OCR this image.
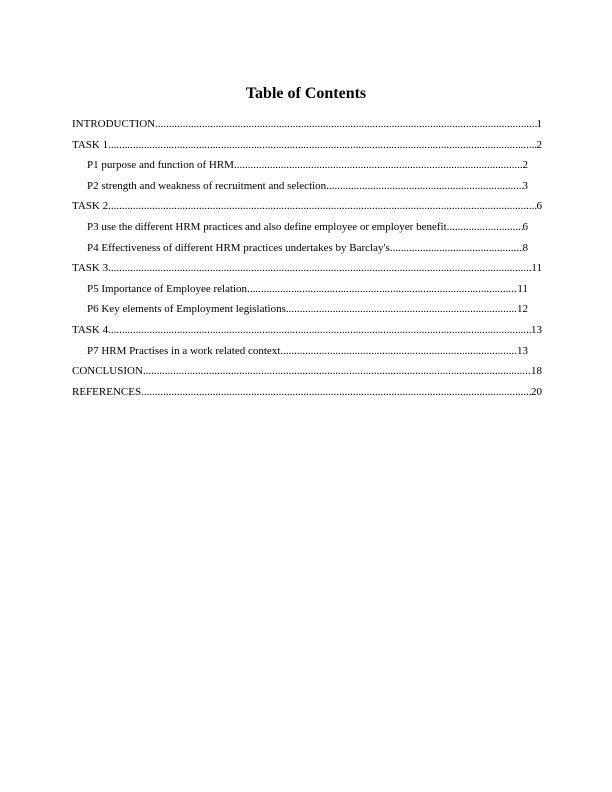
Table of Contents
INTRODUCTION .....	1
TASK 1 .....	2
P1 purpose and function of HRM .....	2
P2 strength and weakness of recruitment and selection .....	3
TASK 2 .....	6
P3 use the different HRM practices and also define employee or employer benefit .....	6
P4 Effectiveness of different HRM practices undertakes by Barclay's .....	8
TASK 3 .....	11
P5 Importance of Employee relation .....	11
P6 Key elements of Employment legislations .....	12
TASK 4 .....	13
P7 HRM Practises in a work related context .....	13
CONCLUSION .....	18
REFERENCES .....	20
